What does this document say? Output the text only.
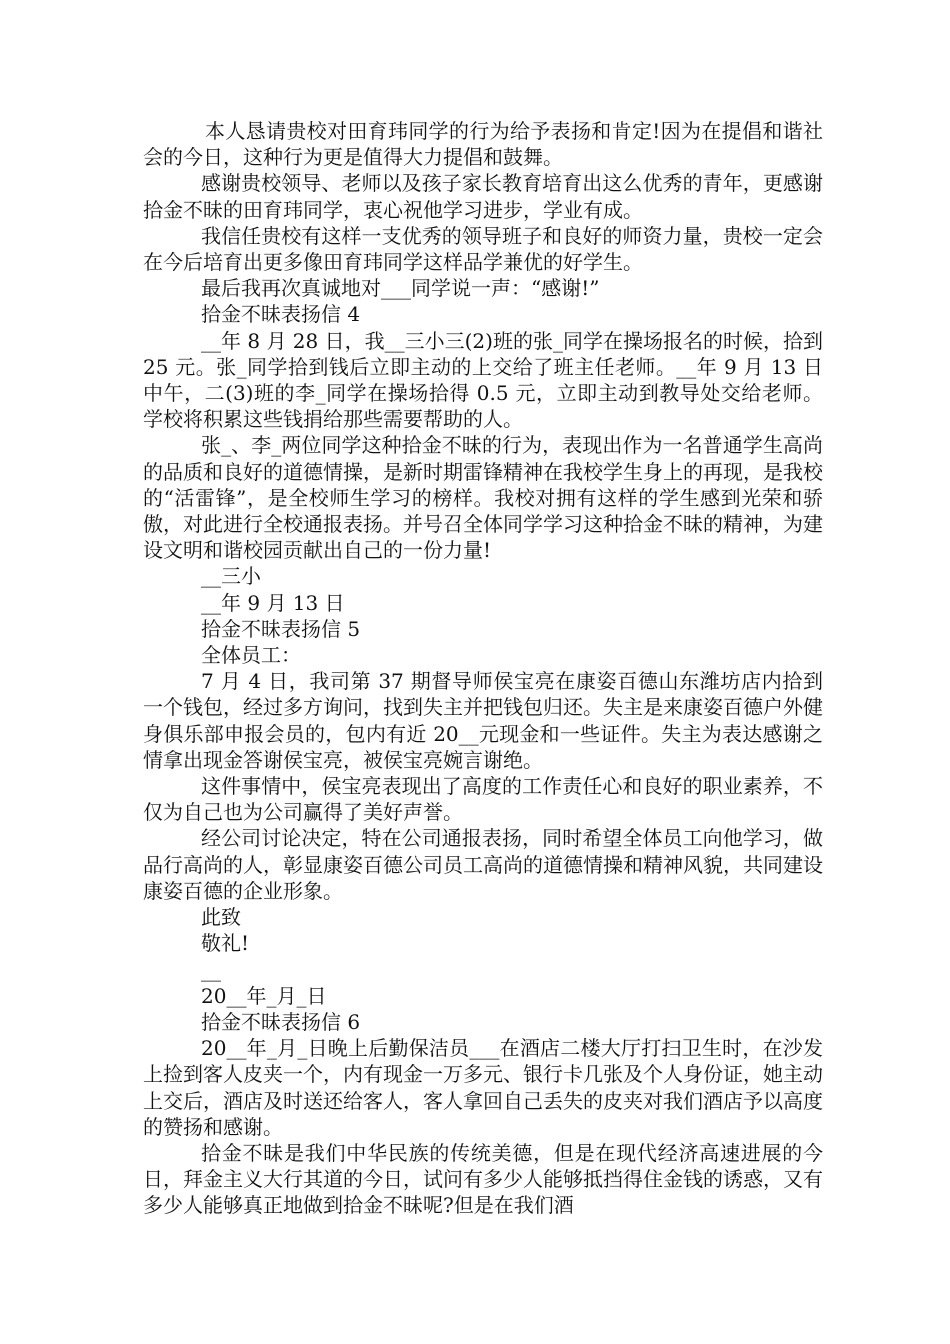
本人恳请贵校对田育玮同学的行为给予表扬和肯定!因为在提倡和谐社会的今日，这种行为更是值得大力提倡和鼓舞。

感谢贵校领导、老师以及孩子家长教育培育出这么优秀的青年，更感谢拾金不昧的田育玮同学，衷心祝他学习进步，学业有成。

我信任贵校有这样一支优秀的领导班子和良好的师资力量，贵校一定会在今后培育出更多像田育玮同学这样品学兼优的好学生。

最后我再次真诚地对___同学说一声：“感谢!”

拾金不昧表扬信 4

__年 8 月 28 日，我__三小三(2)班的张_同学在操场报名的时候，拾到 25 元。张_同学拾到钱后立即主动的上交给了班主任老师。__年 9 月 13 日中午，二(3)班的李_同学在操场拾得 0.5 元，立即主动到教导处交给老师。学校将积累这些钱捐给那些需要帮助的人。

张_、李_两位同学这种拾金不昧的行为，表现出作为一名普通学生高尚的品质和良好的道德情操，是新时期雷锋精神在我校学生身上的再现，是我校的“活雷锋”，是全校师生学习的榜样。我校对拥有这样的学生感到光荣和骄傲，对此进行全校通报表扬。并号召全体同学学习这种拾金不昧的精神，为建设文明和谐校园贡献出自己的一份力量!

__三小

__年 9 月 13 日

拾金不昧表扬信 5

全体员工：

7 月 4 日，我司第 37 期督导师侯宝亮在康姿百德山东潍坊店内拾到一个钱包，经过多方询问，找到失主并把钱包归还。失主是来康姿百德户外健身俱乐部申报会员的，包内有近 20__元现金和一些证件。失主为表达感谢之情拿出现金答谢侯宝亮，被侯宝亮婉言谢绝。

这件事情中，侯宝亮表现出了高度的工作责任心和良好的职业素养，不仅为自己也为公司赢得了美好声誉。

经公司讨论决定，特在公司通报表扬，同时希望全体员工向他学习，做品行高尚的人，彰显康姿百德公司员工高尚的道德情操和精神风貌，共同建设康姿百德的企业形象。

此致

敬礼!

__

20__年_月_日

拾金不昧表扬信 6

20__年_月_日晚上后勤保洁员___在酒店二楼大厅打扫卫生时，在沙发上捡到客人皮夹一个，内有现金一万多元、银行卡几张及个人身份证，她主动上交后，酒店及时送还给客人，客人拿回自己丢失的皮夹对我们酒店予以高度的赞扬和感谢。

拾金不昧是我们中华民族的传统美德，但是在现代经济高速进展的今日，拜金主义大行其道的今日，试问有多少人能够抵挡得住金钱的诱惑，又有多少人能够真正地做到拾金不昧呢?但是在我们酒
